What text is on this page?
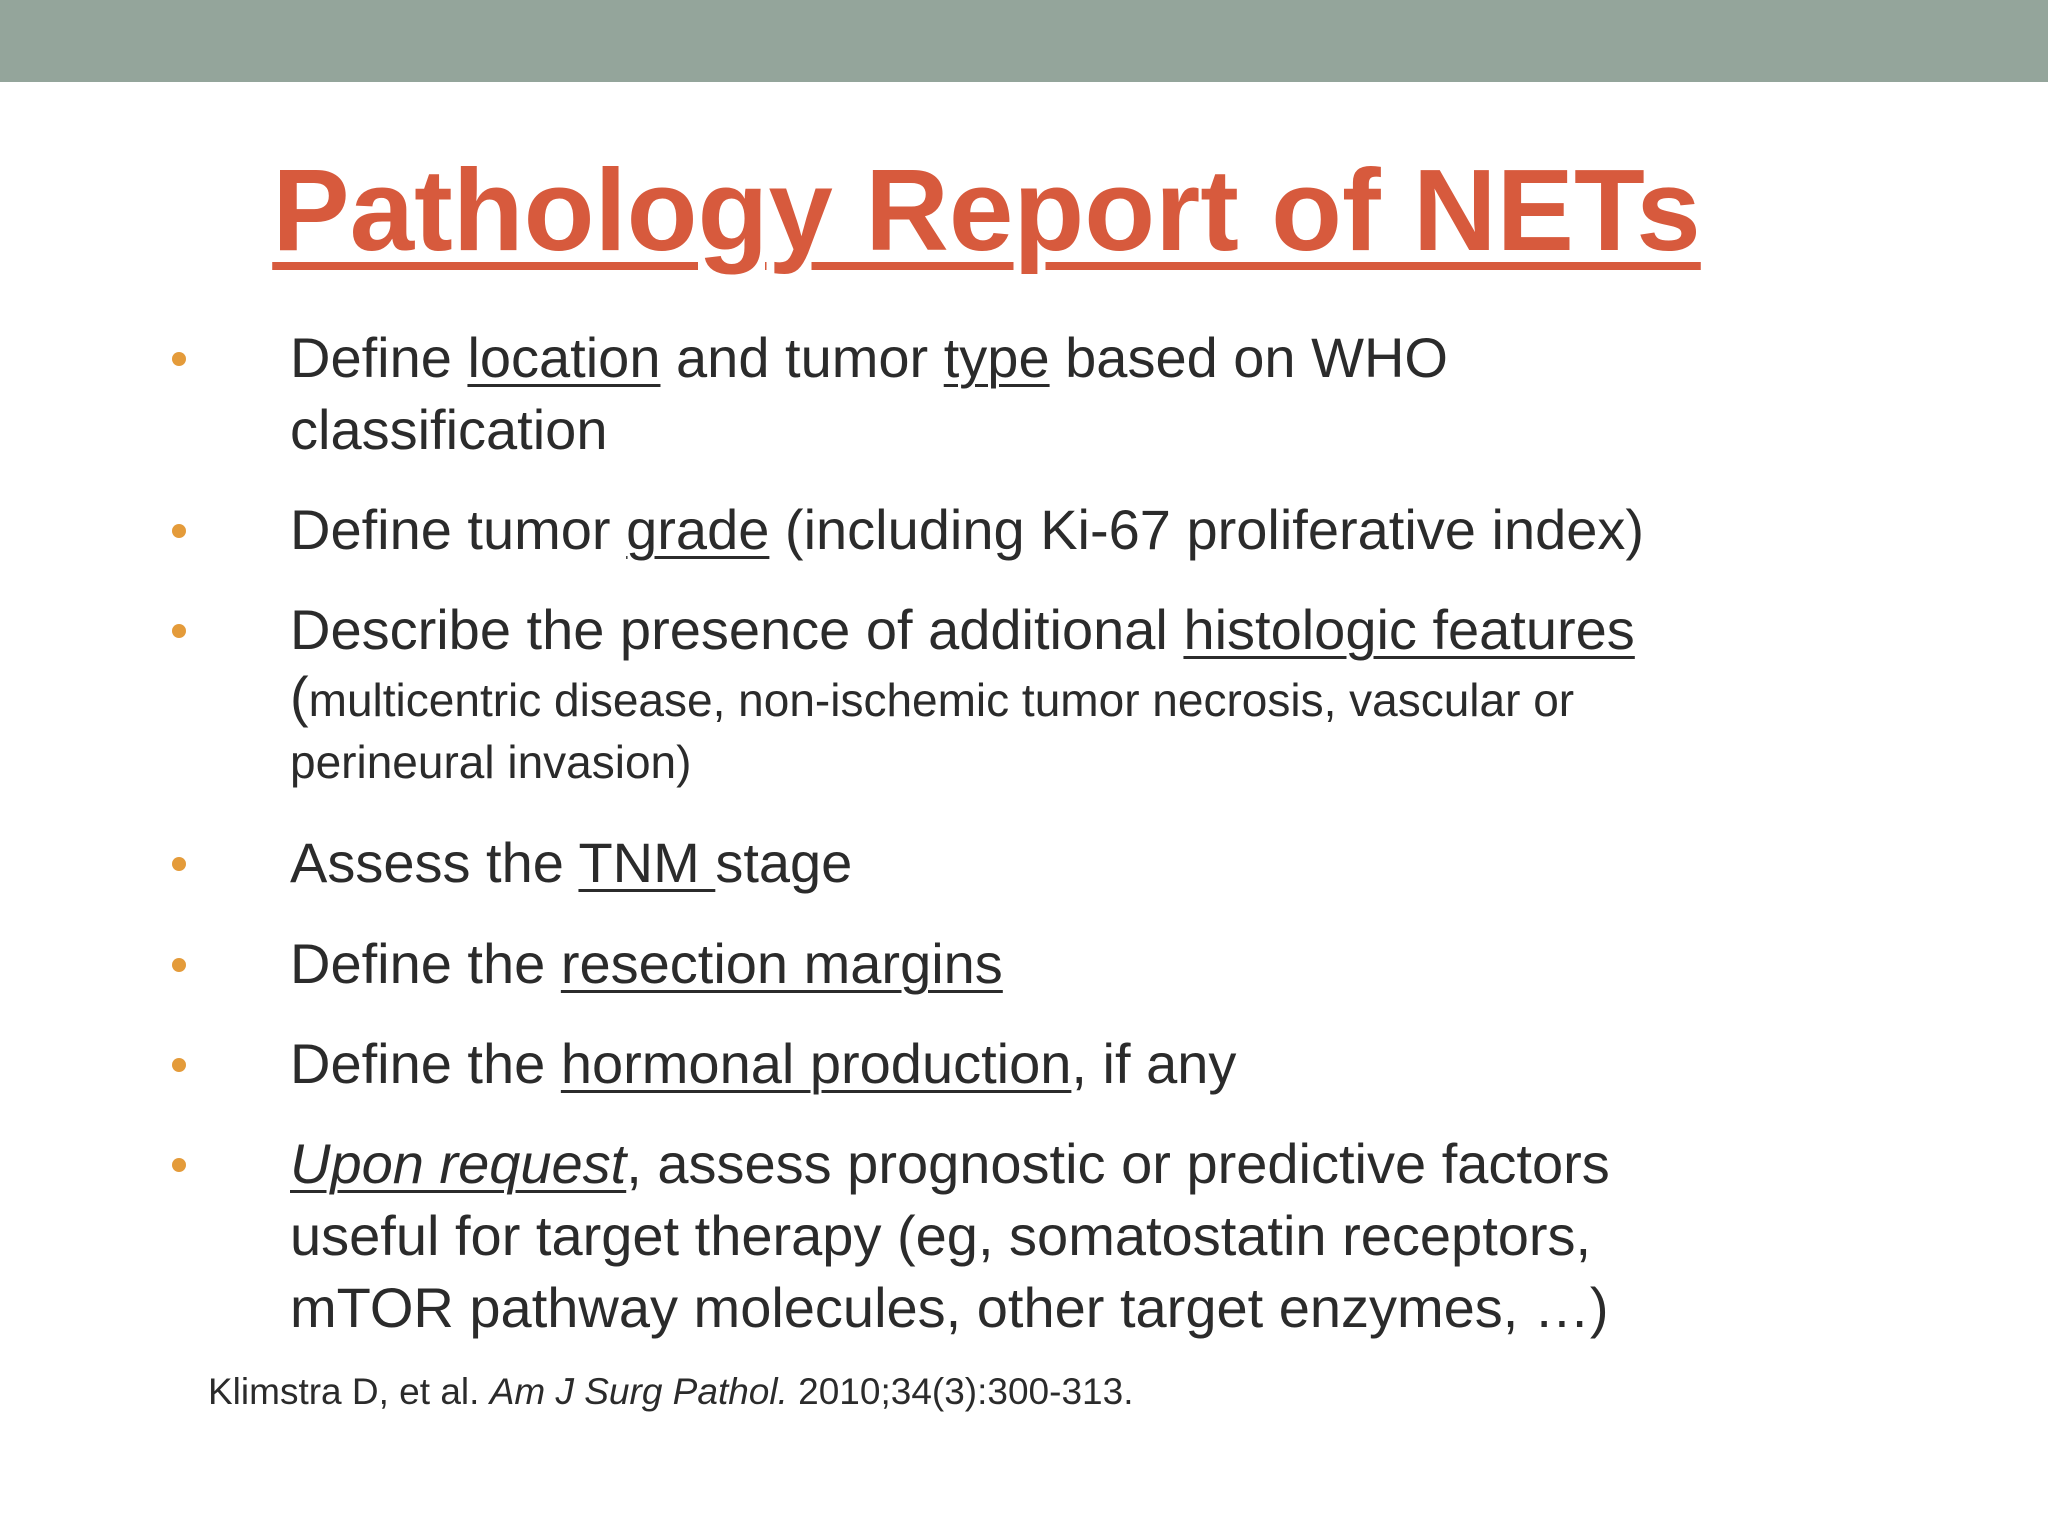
Pathology Report of NETs
Define location and tumor type based on WHO
classification
Define tumor grade (including Ki-67 proliferative index)
Describe the presence of additional histologic features
(multicentric disease, non-ischemic tumor necrosis, vascular or
perineural invasion)
Assess the TNM stage
Define the resection margins
Define the hormonal production, if any
Upon request, assess prognostic or predictive factors
useful for target therapy (eg, somatostatin receptors,
mTOR pathway molecules, other target enzymes, …)
Klimstra D, et al. Am J Surg Pathol. 2010;34(3):300-313.
